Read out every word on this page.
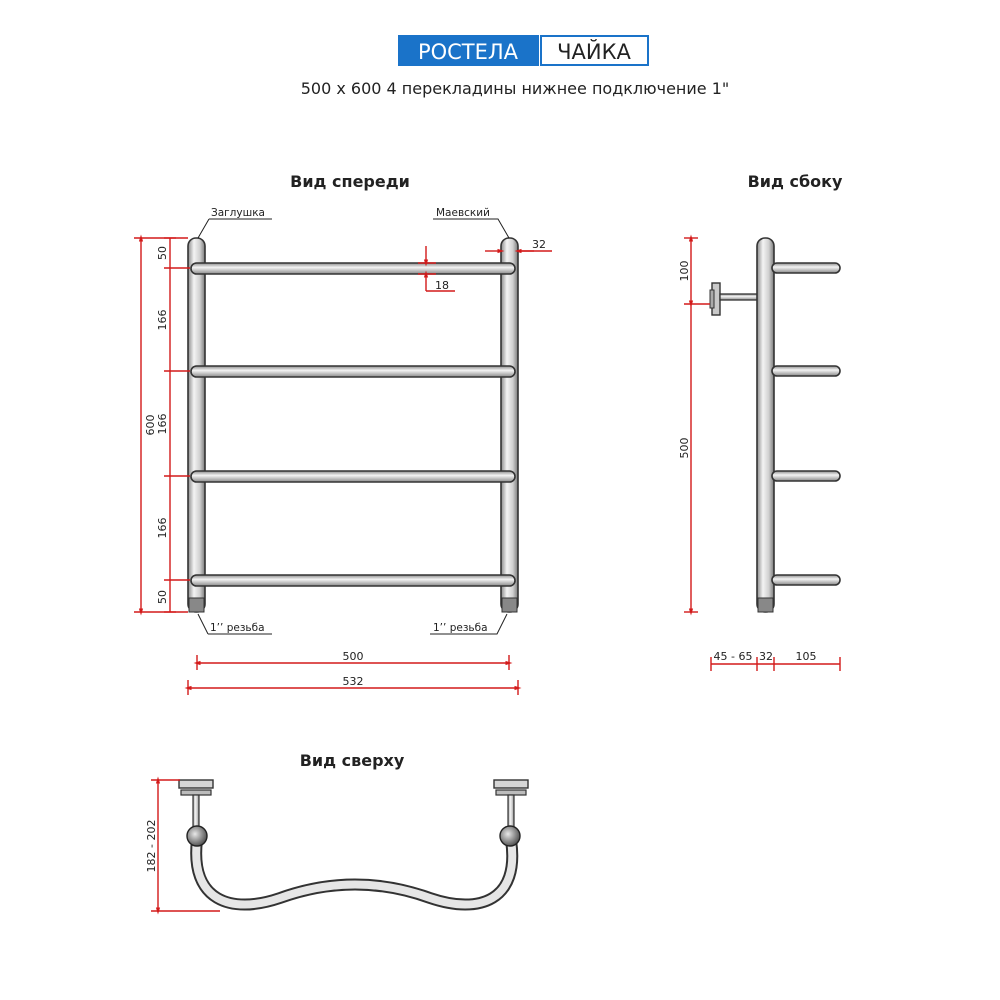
РОСТЕЛА ЧАЙКА
500 x 600 4 перекладины нижнее подключение 1"
Вид спереди
Заглушка	Маевский
1’’ резьба	1’’ резьба
600
50
166
166
166
50
18
32
500
532
Вид сбоку
100
500
45 - 65 32 105
Вид сверху
182 - 202
